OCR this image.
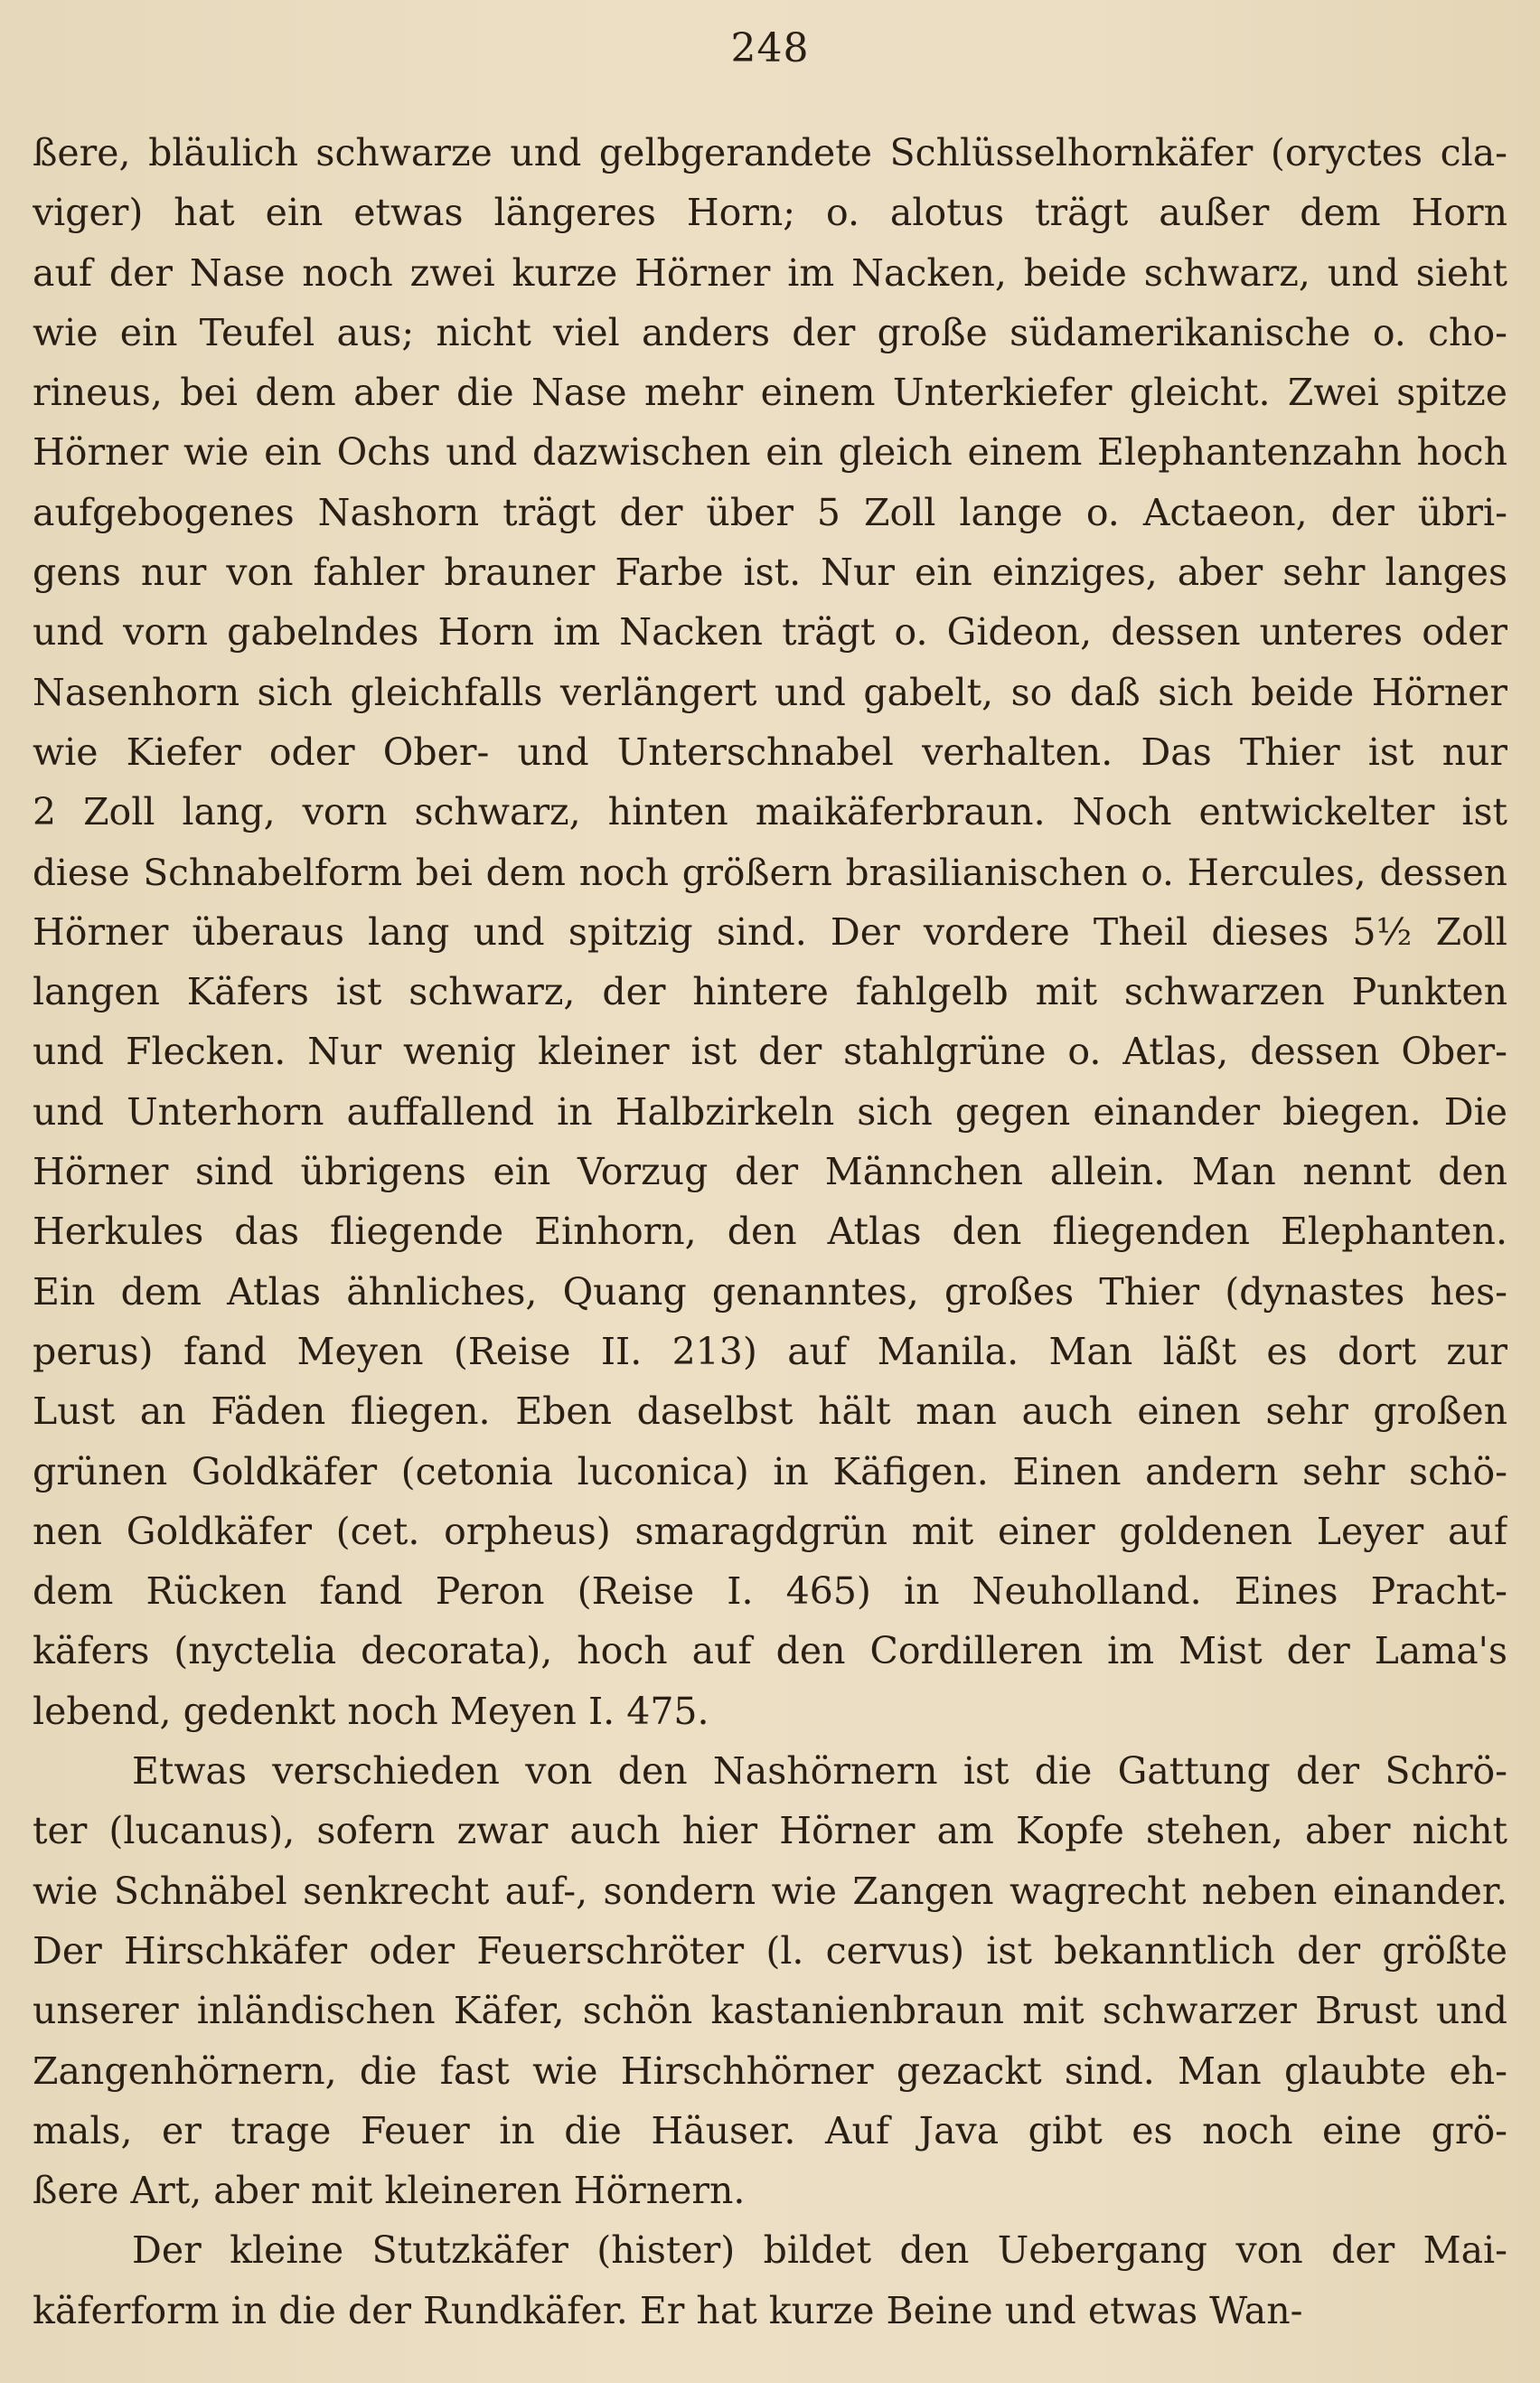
248
ßere, bläulich schwarze und gelbgerandete Schlüsselhornkäfer (oryctes cla-
viger) hat ein etwas längeres Horn; o. alotus trägt außer dem Horn
auf der Nase noch zwei kurze Hörner im Nacken, beide schwarz, und sieht
wie ein Teufel aus; nicht viel anders der große südamerikanische o. cho-
rineus, bei dem aber die Nase mehr einem Unterkiefer gleicht. Zwei spitze
Hörner wie ein Ochs und dazwischen ein gleich einem Elephantenzahn hoch
aufgebogenes Nashorn trägt der über 5 Zoll lange o. Actaeon, der übri-
gens nur von fahler brauner Farbe ist. Nur ein einziges, aber sehr langes
und vorn gabelndes Horn im Nacken trägt o. Gideon, dessen unteres oder
Nasenhorn sich gleichfalls verlängert und gabelt, so daß sich beide Hörner
wie Kiefer oder Ober- und Unterschnabel verhalten. Das Thier ist nur
2 Zoll lang, vorn schwarz, hinten maikäferbraun. Noch entwickelter ist
diese Schnabelform bei dem noch größern brasilianischen o. Hercules, dessen
Hörner überaus lang und spitzig sind. Der vordere Theil dieses 5½ Zoll
langen Käfers ist schwarz, der hintere fahlgelb mit schwarzen Punkten
und Flecken. Nur wenig kleiner ist der stahlgrüne o. Atlas, dessen Ober-
und Unterhorn auffallend in Halbzirkeln sich gegen einander biegen. Die
Hörner sind übrigens ein Vorzug der Männchen allein. Man nennt den
Herkules das fliegende Einhorn, den Atlas den fliegenden Elephanten.
Ein dem Atlas ähnliches, Quang genanntes, großes Thier (dynastes hes-
perus) fand Meyen (Reise II. 213) auf Manila. Man läßt es dort zur
Lust an Fäden fliegen. Eben daselbst hält man auch einen sehr großen
grünen Goldkäfer (cetonia luconica) in Käfigen. Einen andern sehr schö-
nen Goldkäfer (cet. orpheus) smaragdgrün mit einer goldenen Leyer auf
dem Rücken fand Peron (Reise I. 465) in Neuholland. Eines Pracht-
käfers (nyctelia decorata), hoch auf den Cordilleren im Mist der Lama's
lebend, gedenkt noch Meyen I. 475.
Etwas verschieden von den Nashörnern ist die Gattung der Schrö-
ter (lucanus), sofern zwar auch hier Hörner am Kopfe stehen, aber nicht
wie Schnäbel senkrecht auf-, sondern wie Zangen wagrecht neben einander.
Der Hirschkäfer oder Feuerschröter (l. cervus) ist bekanntlich der größte
unserer inländischen Käfer, schön kastanienbraun mit schwarzer Brust und
Zangenhörnern, die fast wie Hirschhörner gezackt sind. Man glaubte eh-
mals, er trage Feuer in die Häuser. Auf Java gibt es noch eine grö-
ßere Art, aber mit kleineren Hörnern.
Der kleine Stutzkäfer (hister) bildet den Uebergang von der Mai-
käferform in die der Rundkäfer. Er hat kurze Beine und etwas Wan-
